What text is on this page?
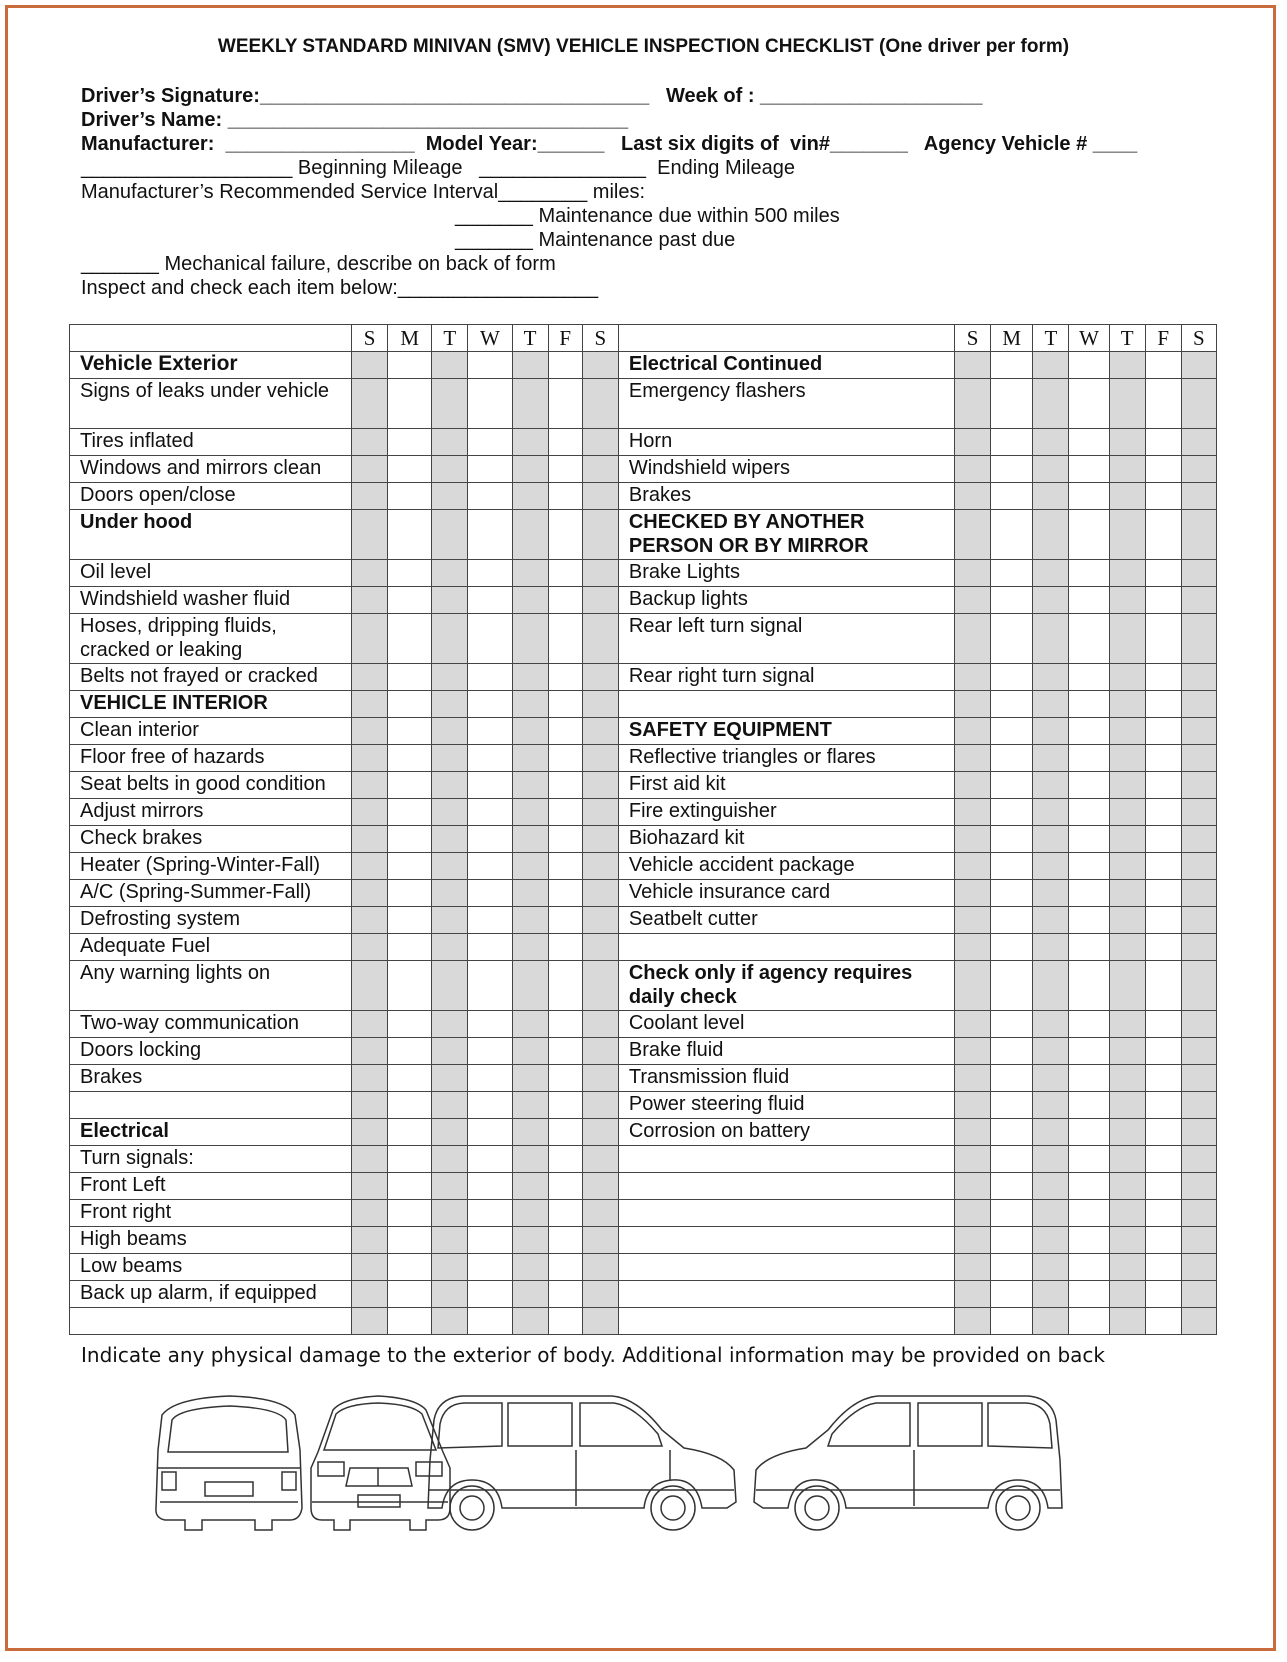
WEEKLY STANDARD MINIVAN (SMV) VEHICLE INSPECTION CHECKLIST (One driver per form)
Driver’s Signature:___________________________________ Week of : ____________________
Driver’s Name: ____________________________________
Manufacturer: _________________ Model Year:______ Last six digits of  vin#_______ Agency Vehicle # ____
___________________ Beginning Mileage _______________ Ending Mileage
Manufacturer’s Recommended Service Interval________ miles:
_______ Maintenance due within 500 miles
_______ Maintenance past due
_______ Mechanical failure, describe on back of form
Inspect and check each item below:__________________
	S	M	T	W	T	F	S		S	M	T	W	T	F	S
Vehicle Exterior								Electrical Continued							
Signs of leaks under vehicle								Emergency flashers							
Tires inflated								Horn							
Windows and mirrors clean								Windshield wipers							
Doors open/close								Brakes							
Under hood								CHECKED BY ANOTHER PERSON OR BY MIRROR							
Oil level								Brake Lights							
Windshield washer fluid								Backup lights							
Hoses, dripping fluids, cracked or leaking								Rear left turn signal							
Belts not frayed or cracked								Rear right turn signal							
VEHICLE INTERIOR															
Clean interior								SAFETY EQUIPMENT							
Floor free of hazards								Reflective triangles or flares							
Seat belts in good condition								First aid kit							
Adjust mirrors								Fire extinguisher							
Check brakes								Biohazard kit							
Heater (Spring-Winter-Fall)								Vehicle accident package							
A/C (Spring-Summer-Fall)								Vehicle insurance card							
Defrosting system								Seatbelt cutter							
Adequate Fuel															
Any warning lights on								Check only if agency requires daily check							
Two-way communication								Coolant level							
Doors locking								Brake fluid							
Brakes								Transmission fluid							
								Power steering fluid							
Electrical								Corrosion on battery							
Turn signals:															
Front Left															
Front right															
High beams															
Low beams															
Back up alarm, if equipped															

Indicate any physical damage to the exterior of body. Additional information may be provided on back
